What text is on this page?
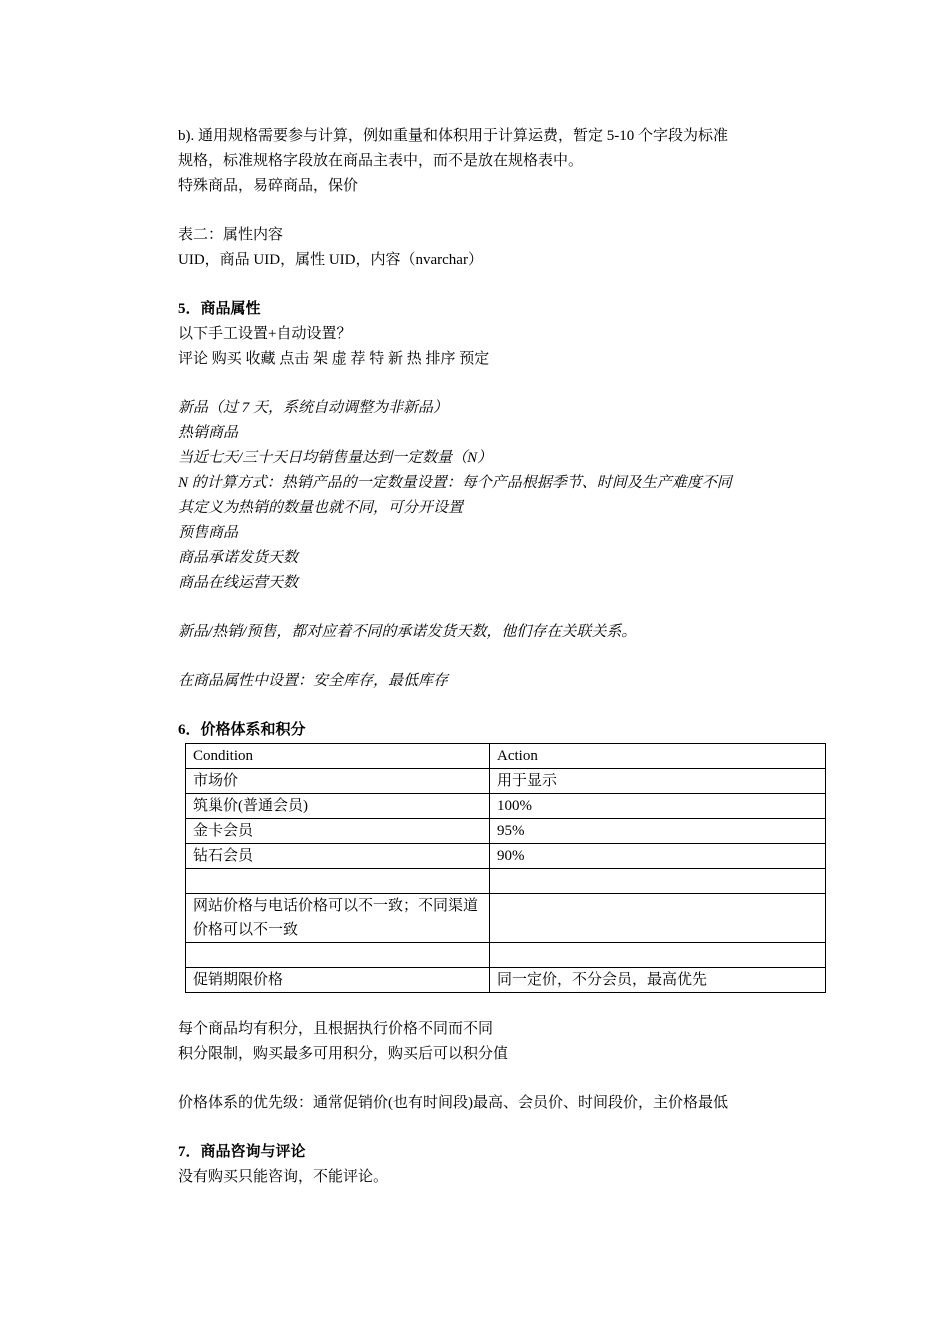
b). 通用规格需要参与计算，例如重量和体积用于计算运费，暂定 5-10 个字段为标准
规格，标准规格字段放在商品主表中，而不是放在规格表中。
特殊商品，易碎商品，保价
表二：属性内容
UID，商品 UID，属性 UID，内容（nvarchar）
5．商品属性
以下手工设置+自动设置？
评论 购买 收藏 点击 架 虚 荐 特 新 热 排序 预定
新品（过 7 天，系统自动调整为非新品）
热销商品
当近七天/三十天日均销售量达到一定数量（N）
N 的计算方式：热销产品的一定数量设置：每个产品根据季节、时间及生产难度不同
其定义为热销的数量也就不同，可分开设置
预售商品
商品承诺发货天数
商品在线运营天数
新品/热销/预售，都对应着不同的承诺发货天数，他们存在关联关系。
在商品属性中设置：安全库存，最低库存
6．价格体系和积分
Condition	Action
市场价	用于显示
筑巢价(普通会员)	100%
金卡会员	95%
钻石会员	90%

网站价格与电话价格可以不一致；不同渠道价格可以不一致	

促销期限价格	同一定价，不分会员，最高优先
每个商品均有积分，且根据执行价格不同而不同
积分限制，购买最多可用积分，购买后可以积分值
价格体系的优先级：通常促销价(也有时间段)最高、会员价、时间段价，主价格最低
7．商品咨询与评论
没有购买只能咨询，不能评论。
